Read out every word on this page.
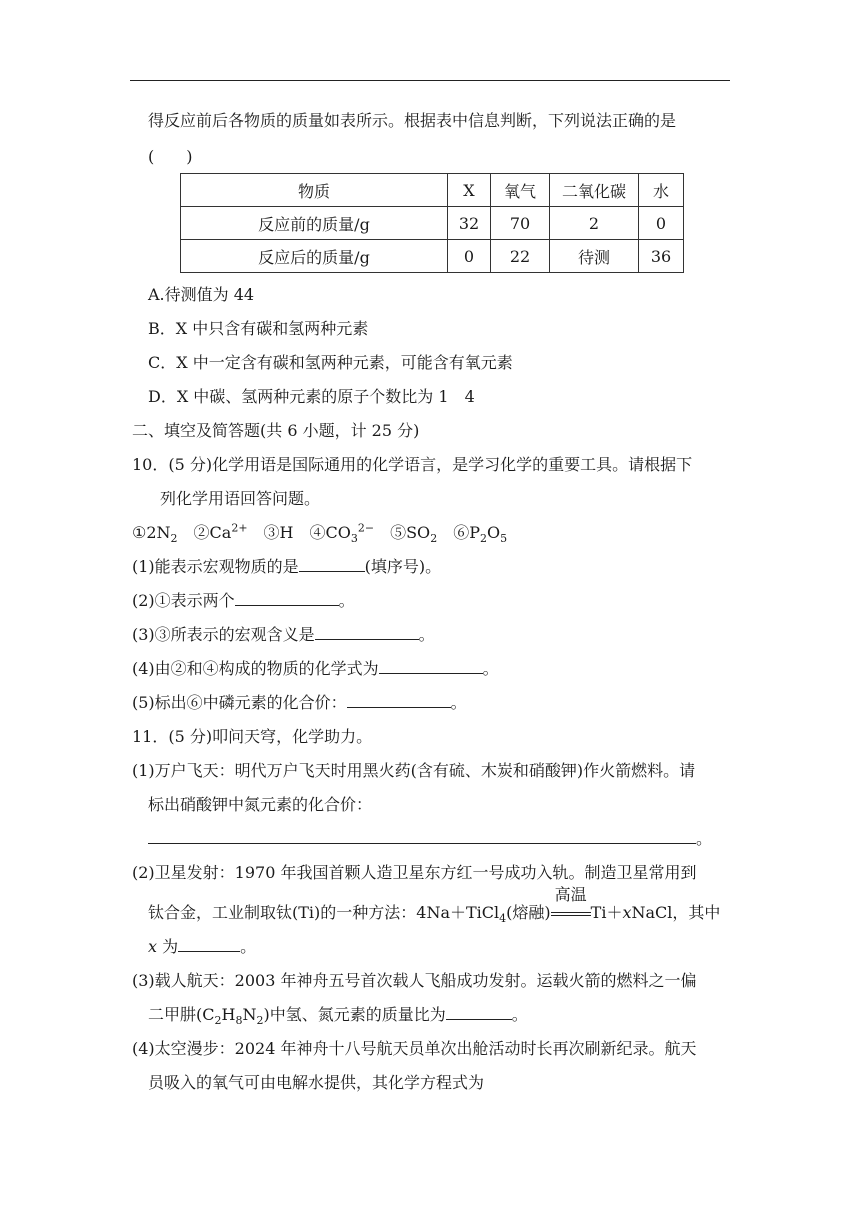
得反应前后各物质的质量如表所示。根据表中信息判断，下列说法正确的是
(　　)
物质	X	氧气	二氧化碳	水
反应前的质量/g	32	70	2	0
反应后的质量/g	0	22	待测	36
A.待测值为 44
B．X 中只含有碳和氢两种元素
C．X 中一定含有碳和氢两种元素，可能含有氧元素
D．X 中碳、氢两种元素的原子个数比为 1　4
二、填空及简答题(共 6 小题，计 25 分)
10．(5 分)化学用语是国际通用的化学语言，是学习化学的重要工具。请根据下
列化学用语回答问题。
$①2N_2$　$②Ca^{2+}$　③H　$④CO_3^{2-}$　$⑤SO_2$　$⑥P_2O_5$
(1)能表示宏观物质的是	(填序号)。
(2)①表示两个	。
(3)③所表示的宏观含义是	。
(4)由②和④构成的物质的化学式为	。
(5)标出⑥中磷元素的化合价：	。
11．(5 分)叩问天穹，化学助力。
(1)万户飞天：明代万户飞天时用黑火药(含有硫、木炭和硝酸钾)作火箭燃料。请
标出硝酸钾中氮元素的化合价：
。
(2)卫星发射：1970 年我国首颗人造卫星东方红一号成功入轨。制造卫星常用到
钛合金，工业制取钛(Ti)的一种方法：4Na＋TiCl$_4$(熔融)
高温
Ti＋xNaCl，其中
x 为	。
(3)载人航天：2003 年神舟五号首次载人飞船成功发射。运载火箭的燃料之一偏
二甲肼$(C_2H_8N_2)$中氢、氮元素的质量比为	。
(4)太空漫步：2024 年神舟十八号航天员单次出舱活动时长再次刷新纪录。航天
员吸入的氧气可由电解水提供，其化学方程式为
